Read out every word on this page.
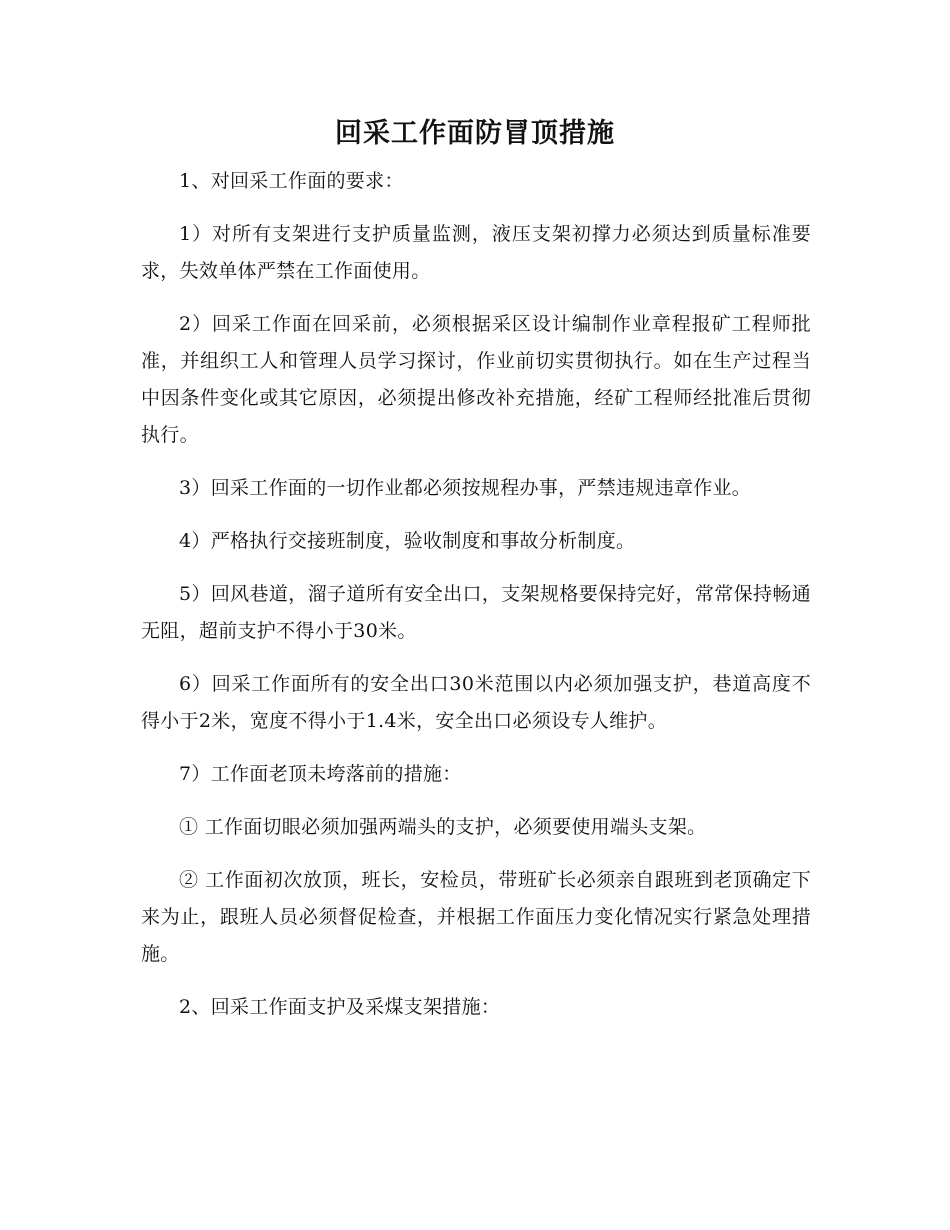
回采工作面防冒顶措施

1、对回采工作面的要求：

1）对所有支架进行支护质量监测，液压支架初撑力必须达到质量标准要求，失效单体严禁在工作面使用。

2）回采工作面在回采前，必须根据采区设计编制作业章程报矿工程师批准，并组织工人和管理人员学习探讨，作业前切实贯彻执行。如在生产过程当中因条件变化或其它原因，必须提出修改补充措施，经矿工程师经批准后贯彻执行。

3）回采工作面的一切作业都必须按规程办事，严禁违规违章作业。

4）严格执行交接班制度，验收制度和事故分析制度。

5）回风巷道，溜子道所有安全出口，支架规格要保持完好，常常保持畅通无阻，超前支护不得小于30米。

6）回采工作面所有的安全出口30米范围以内必须加强支护，巷道高度不得小于2米，宽度不得小于1.4米，安全出口必须设专人维护。

7）工作面老顶未垮落前的措施：

① 工作面切眼必须加强两端头的支护，必须要使用端头支架。

② 工作面初次放顶，班长，安检员，带班矿长必须亲自跟班到老顶确定下来为止，跟班人员必须督促检查，并根据工作面压力变化情况实行紧急处理措施。

2、回采工作面支护及采煤支架措施：
